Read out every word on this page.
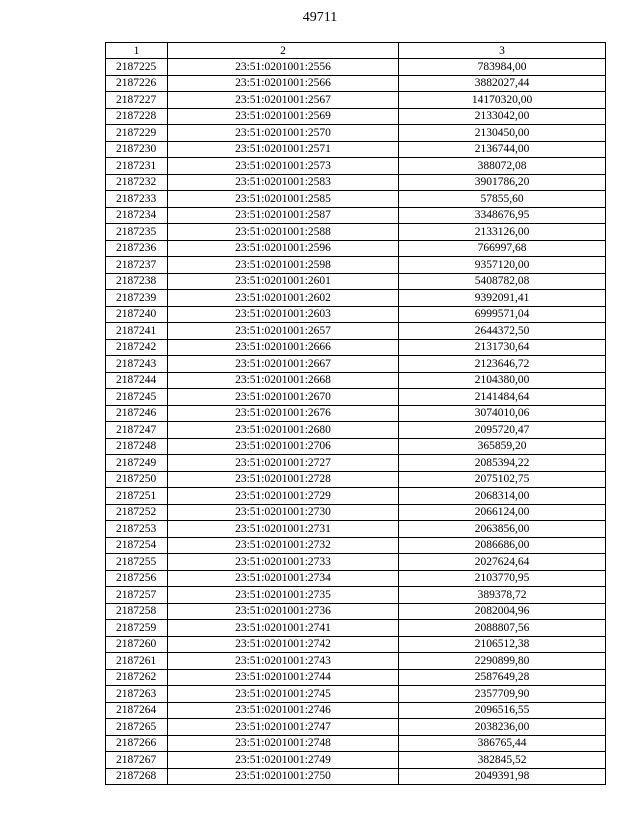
49711
1	2	3
2187225	23:51:0201001:2556	783984,00
2187226	23:51:0201001:2566	3882027,44
2187227	23:51:0201001:2567	14170320,00
2187228	23:51:0201001:2569	2133042,00
2187229	23:51:0201001:2570	2130450,00
2187230	23:51:0201001:2571	2136744,00
2187231	23:51:0201001:2573	388072,08
2187232	23:51:0201001:2583	3901786,20
2187233	23:51:0201001:2585	57855,60
2187234	23:51:0201001:2587	3348676,95
2187235	23:51:0201001:2588	2133126,00
2187236	23:51:0201001:2596	766997,68
2187237	23:51:0201001:2598	9357120,00
2187238	23:51:0201001:2601	5408782,08
2187239	23:51:0201001:2602	9392091,41
2187240	23:51:0201001:2603	6999571,04
2187241	23:51:0201001:2657	2644372,50
2187242	23:51:0201001:2666	2131730,64
2187243	23:51:0201001:2667	2123646,72
2187244	23:51:0201001:2668	2104380,00
2187245	23:51:0201001:2670	2141484,64
2187246	23:51:0201001:2676	3074010,06
2187247	23:51:0201001:2680	2095720,47
2187248	23:51:0201001:2706	365859,20
2187249	23:51:0201001:2727	2085394,22
2187250	23:51:0201001:2728	2075102,75
2187251	23:51:0201001:2729	2068314,00
2187252	23:51:0201001:2730	2066124,00
2187253	23:51:0201001:2731	2063856,00
2187254	23:51:0201001:2732	2086686,00
2187255	23:51:0201001:2733	2027624,64
2187256	23:51:0201001:2734	2103770,95
2187257	23:51:0201001:2735	389378,72
2187258	23:51:0201001:2736	2082004,96
2187259	23:51:0201001:2741	2088807,56
2187260	23:51:0201001:2742	2106512,38
2187261	23:51:0201001:2743	2290899,80
2187262	23:51:0201001:2744	2587649,28
2187263	23:51:0201001:2745	2357709,90
2187264	23:51:0201001:2746	2096516,55
2187265	23:51:0201001:2747	2038236,00
2187266	23:51:0201001:2748	386765,44
2187267	23:51:0201001:2749	382845,52
2187268	23:51:0201001:2750	2049391,98
